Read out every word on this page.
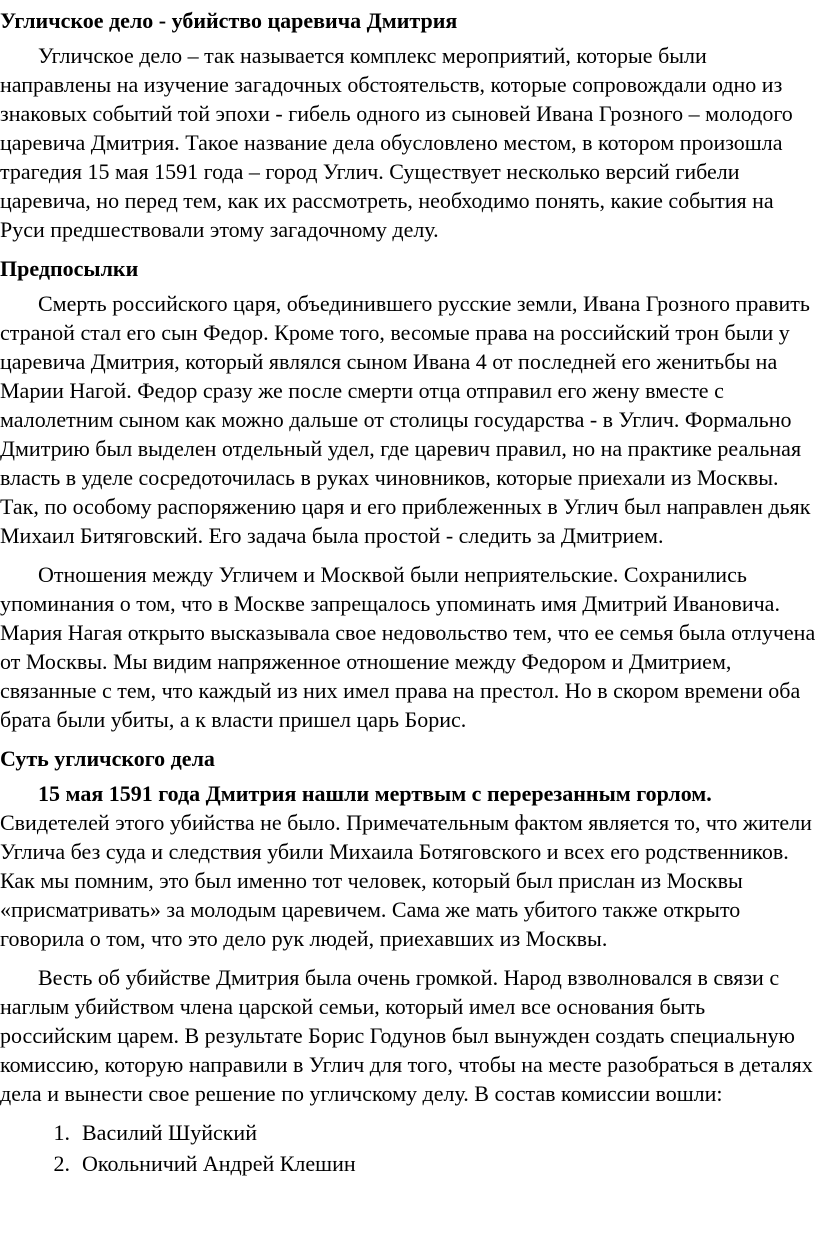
Угличское дело - убийство царевича Дмитрия

Угличское дело – так называется комплекс мероприятий, которые были направлены на изучение загадочных обстоятельств, которые сопровождали одно из знаковых событий той эпохи - гибель одного из сыновей Ивана Грозного – молодого царевича Дмитрия. Такое название дела обусловлено местом, в котором произошла трагедия 15 мая 1591 года – город Углич. Существует несколько версий гибели царевича, но перед тем, как их рассмотреть, необходимо понять, какие события на Руси предшествовали этому загадочному делу.

Предпосылки

Смерть российского царя, объединившего русские земли, Ивана Грозного править страной стал его сын Федор. Кроме того, весомые права на российский трон были у царевича Дмитрия, который являлся сыном Ивана 4 от последней его женитьбы на Марии Нагой. Федор сразу же после смерти отца отправил его жену вместе с малолетним сыном как можно дальше от столицы государства - в Углич. Формально Дмитрию был выделен отдельный удел, где царевич правил, но на практике реальная власть в уделе сосредоточилась в руках чиновников, которые приехали из Москвы. Так, по особому распоряжению царя и его приблеженных в Углич был направлен дьяк Михаил Битяговский. Его задача была простой - следить за Дмитрием.

Отношения между Угличем и Москвой были неприятельские. Сохранились упоминания о том, что в Москве запрещалось упоминать имя Дмитрий Ивановича. Мария Нагая открыто высказывала свое недовольство тем, что ее семья была отлучена от Москвы. Мы видим напряженное отношение между Федором и Дмитрием, связанные с тем, что каждый из них имел права на престол. Но в скором времени оба брата были убиты, а к власти пришел царь Борис.

Суть угличского дела

15 мая 1591 года Дмитрия нашли мертвым с перерезанным горлом. Свидетелей этого убийства не было. Примечательным фактом является то, что жители Углича без суда и следствия убили Михаила Ботяговского и всех его родственников. Как мы помним, это был именно тот человек, который был прислан из Москвы «присматривать» за молодым царевичем. Сама же мать убитого также открыто говорила о том, что это дело рук людей, приехавших из Москвы.

Весть об убийстве Дмитрия была очень громкой. Народ взволновался в связи с наглым убийством члена царской семьи, который имел все основания быть российским царем. В результате Борис Годунов был вынужден создать специальную комиссию, которую направили в Углич для того, чтобы на месте разобраться в деталях дела и вынести свое решение по угличскому делу. В состав комиссии вошли:

1. Василий Шуйский
2. Окольничий Андрей Клешин
